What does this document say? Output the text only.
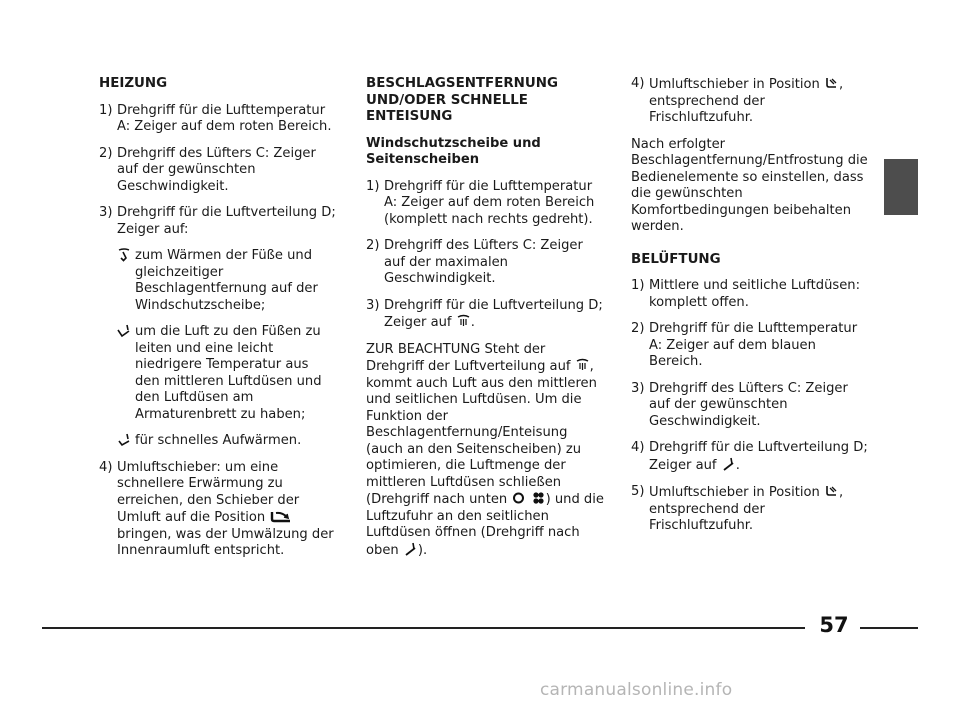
HEIZUNG
1) Drehgriff für die Lufttemperatur A: Zeiger auf dem roten Bereich.
2) Drehgriff des Lüfters C: Zeiger auf der gewünschten Geschwindigkeit.
3) Drehgriff für die Luftverteilung D; Zeiger auf:
zum Wärmen der Füße und gleichzeitiger Beschlagentfernung auf der Windschutzscheibe;
um die Luft zu den Füßen zu leiten und eine leicht niedrigere Temperatur aus den mittleren Luftdüsen und den Luftdüsen am Armaturenbrett zu haben;
für schnelles Aufwärmen.
4) Umluftschieber: um eine schnellere Erwärmung zu erreichen, den Schieber der Umluft auf die Position
bringen, was der Umwälzung der Innenraumluft entspricht.
BESCHLAGSENTFERNUNG UND/ODER SCHNELLE ENTEISUNG
Windschutzscheibe und Seitenscheiben
1) Drehgriff für die Lufttemperatur A: Zeiger auf dem roten Bereich (komplett nach rechts gedreht).
2) Drehgriff des Lüfters C: Zeiger auf der maximalen Geschwindigkeit.
3) Drehgriff für die Luftverteilung D; Zeiger auf .

ZUR BEACHTUNG Steht der Drehgriff der Luftverteilung auf , kommt auch Luft aus den mittleren und seitlichen Luftdüsen. Um die Funktion der Beschlagentfernung/Enteisung (auch an den Seitenscheiben) zu optimieren, die Luftmenge der mittleren Luftdüsen schließen (Drehgriff nach unten
	) und die Luftzufuhr an den seitlichen Luftdüsen öffnen (Drehgriff nach oben ).

4) Umluftschieber in Position , entsprechend der Frischluftzufuhr.

Nach erfolgter Beschlagentfernung/Entfrostung die Bedienelemente so einstellen, dass die gewünschten Komfortbedingungen beibehalten werden.

BELÜFTUNG
1) Mittlere und seitliche Luftdüsen: komplett offen.
2) Drehgriff für die Lufttemperatur A: Zeiger auf dem blauen Bereich.
3) Drehgriff des Lüfters C: Zeiger auf der gewünschten Geschwindigkeit.
4) Drehgriff für die Luftverteilung D; Zeiger auf .
5) Umluftschieber in Position , entsprechend der Frischluftzufuhr.
57
carmanualsonline.info
